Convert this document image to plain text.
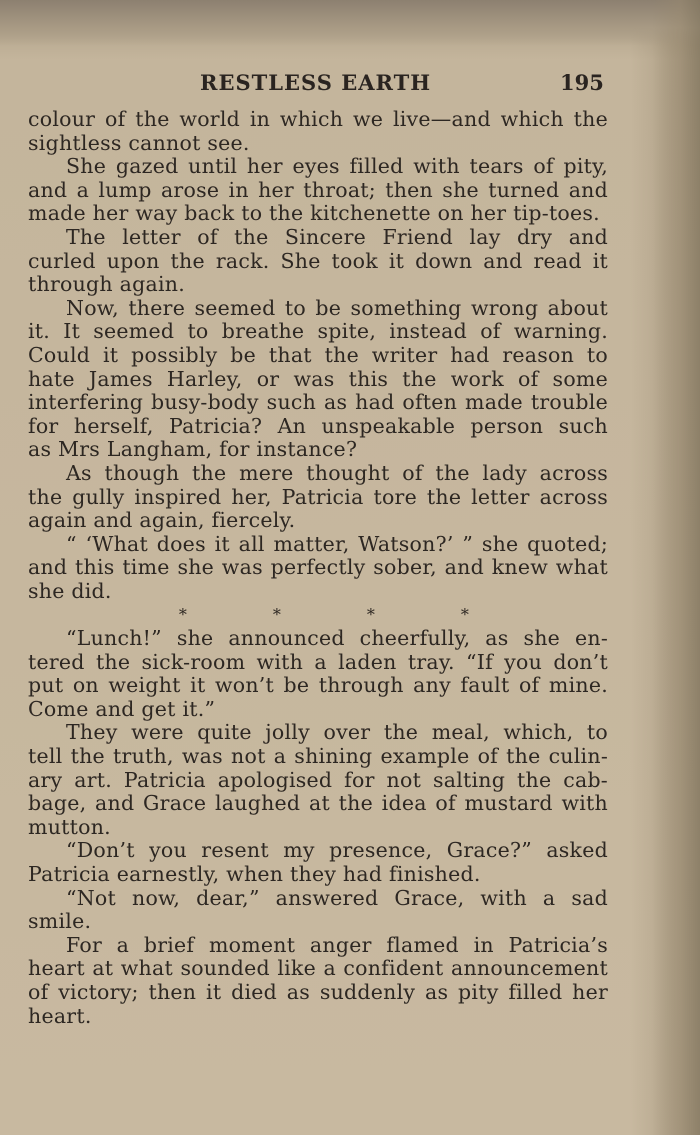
RESTLESS EARTH	195
colour of the world in which we live—and which the
sightless cannot see.
She gazed until her eyes filled with tears of pity,
and a lump arose in her throat; then she turned and
made her way back to the kitchenette on her tip-toes.
The letter of the Sincere Friend lay dry and
curled upon the rack. She took it down and read it
through again.
Now, there seemed to be something wrong about
it. It seemed to breathe spite, instead of warning.
Could it possibly be that the writer had reason to
hate James Harley, or was this the work of some
interfering busy-body such as had often made trouble
for herself, Patricia? An unspeakable person such
as Mrs Langham, for instance?
As though the mere thought of the lady across
the gully inspired her, Patricia tore the letter across
again and again, fiercely.
“ ‘What does it all matter, Watson?’ ” she quoted;
and this time she was perfectly sober, and knew what
she did.
*	*	*	*
“Lunch!” she announced cheerfully, as she en-
tered the sick-room with a laden tray. “If you don’t
put on weight it won’t be through any fault of mine.
Come and get it.”
They were quite jolly over the meal, which, to
tell the truth, was not a shining example of the culin-
ary art. Patricia apologised for not salting the cab-
bage, and Grace laughed at the idea of mustard with
mutton.
“Don’t you resent my presence, Grace?” asked
Patricia earnestly, when they had finished.
“Not now, dear,” answered Grace, with a sad
smile.
For a brief moment anger flamed in Patricia’s
heart at what sounded like a confident announcement
of victory; then it died as suddenly as pity filled her
heart.
